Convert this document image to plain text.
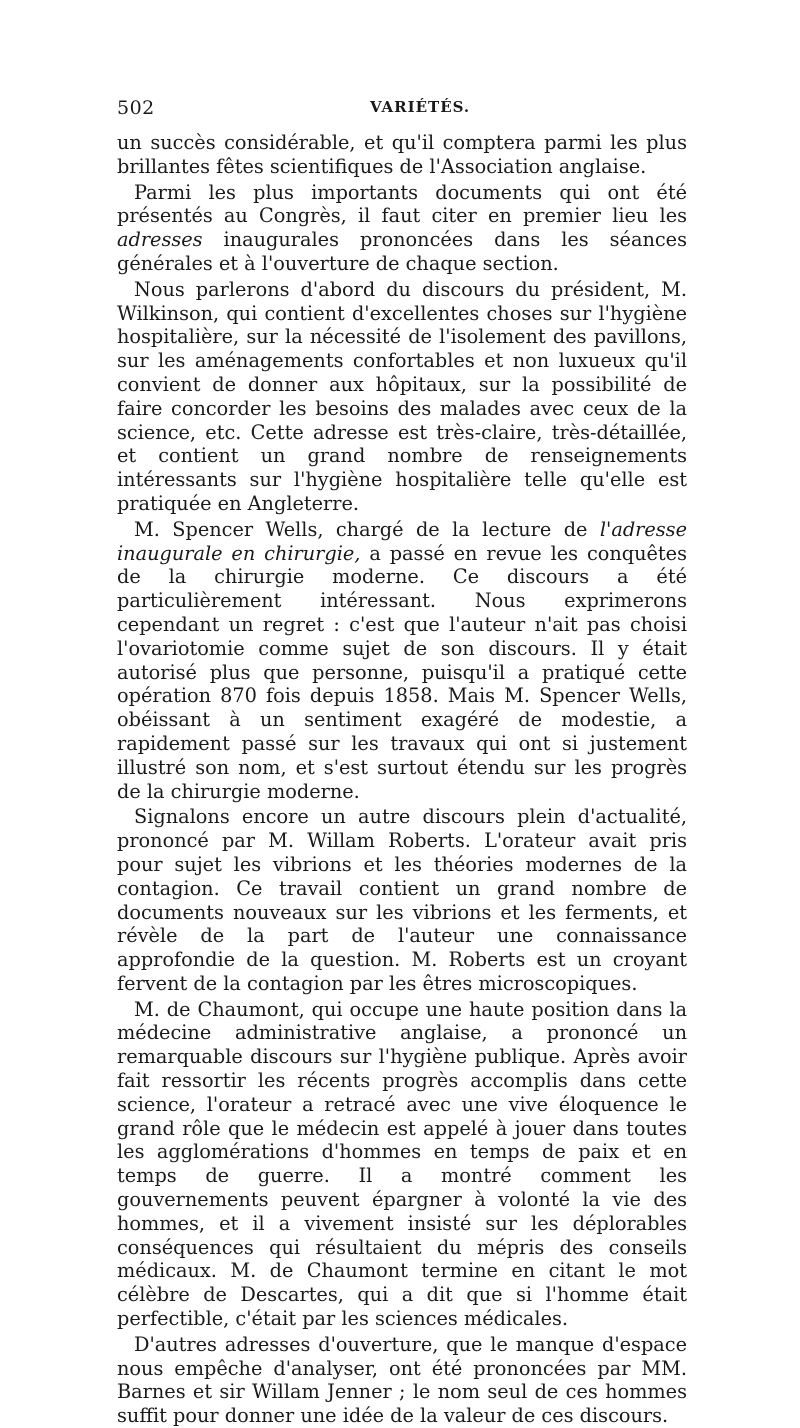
502	VARIÉTÉS.

un succès considérable, et qu'il comptera parmi les plus brillantes fêtes scientifiques de l'Association anglaise.

Parmi les plus importants documents qui ont été présentés au Congrès, il faut citer en premier lieu les adresses inaugurales prononcées dans les séances générales et à l'ouverture de chaque section.

Nous parlerons d'abord du discours du président, M. Wilkinson, qui contient d'excellentes choses sur l'hygiène hospitalière, sur la nécessité de l'isolement des pavillons, sur les aménagements confortables et non luxueux qu'il convient de donner aux hôpitaux, sur la possibilité de faire concorder les besoins des malades avec ceux de la science, etc. Cette adresse est très-claire, très-détaillée, et contient un grand nombre de renseignements intéressants sur l'hygiène hospitalière telle qu'elle est pratiquée en Angleterre.

M. Spencer Wells, chargé de la lecture de l'adresse inaugurale en chirurgie, a passé en revue les conquêtes de la chirurgie moderne. Ce discours a été particulièrement intéressant. Nous exprimerons cependant un regret : c'est que l'auteur n'ait pas choisi l'ovariotomie comme sujet de son discours. Il y était autorisé plus que personne, puisqu'il a pratiqué cette opération 870 fois depuis 1858. Mais M. Spencer Wells, obéissant à un sentiment exagéré de modestie, a rapidement passé sur les travaux qui ont si justement illustré son nom, et s'est surtout étendu sur les progrès de la chirurgie moderne.

Signalons encore un autre discours plein d'actualité, prononcé par M. Willam Roberts. L'orateur avait pris pour sujet les vibrions et les théories modernes de la contagion. Ce travail contient un grand nombre de documents nouveaux sur les vibrions et les ferments, et révèle de la part de l'auteur une connaissance approfondie de la question. M. Roberts est un croyant fervent de la contagion par les êtres microscopiques.

M. de Chaumont, qui occupe une haute position dans la médecine administrative anglaise, a prononcé un remarquable discours sur l'hygiène publique. Après avoir fait ressortir les récents progrès accomplis dans cette science, l'orateur a retracé avec une vive éloquence le grand rôle que le médecin est appelé à jouer dans toutes les agglomérations d'hommes en temps de paix et en temps de guerre. Il a montré comment les gouvernements peuvent épargner à volonté la vie des hommes, et il a vivement insisté sur les déplorables conséquences qui résultaient du mépris des conseils médicaux. M. de Chaumont termine en citant le mot célèbre de Descartes, qui a dit que si l'homme était perfectible, c'était par les sciences médicales.

D'autres adresses d'ouverture, que le manque d'espace nous empêche d'analyser, ont été prononcées par MM. Barnes et sir Willam Jenner ; le nom seul de ces hommes suffit pour donner une idée de la valeur de ces discours.
